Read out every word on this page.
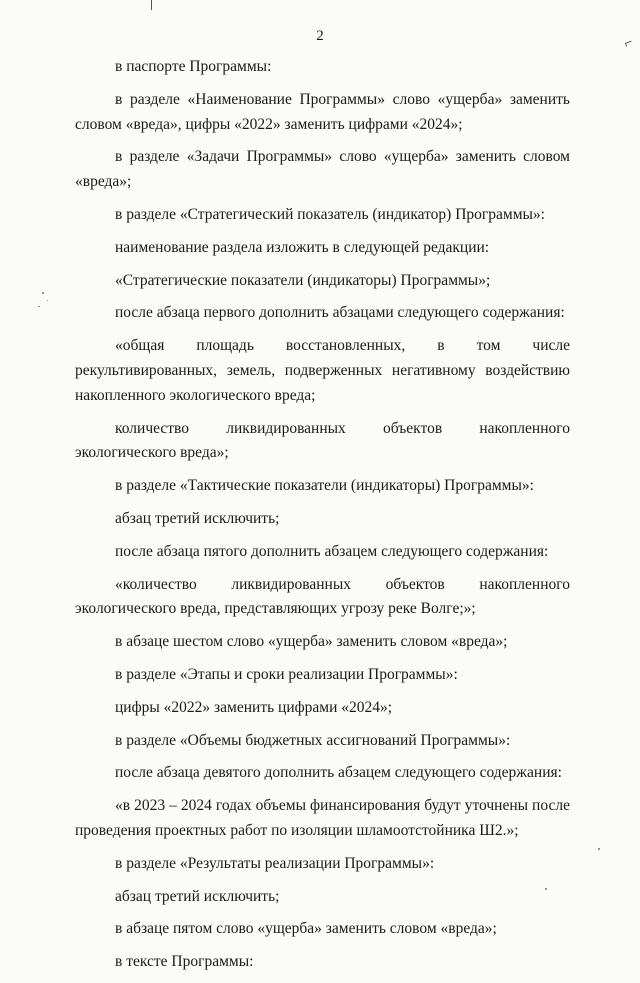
⌐
2

в паспорте Программы:

в разделе «Наименование Программы» слово «ущерба» заменить словом «вреда», цифры «2022» заменить цифрами «2024»;

в разделе «Задачи Программы» слово «ущерба» заменить словом «вреда»;

в разделе «Стратегический показатель (индикатор) Программы»:

наименование раздела изложить в следующей редакции:

«Стратегические показатели (индикаторы) Программы»;

после абзаца первого дополнить абзацами следующего содержания:

«общая площадь восстановленных, в том числе рекультивированных, земель, подверженных негативному воздействию накопленного экологического вреда;

количество ликвидированных объектов накопленного экологического вреда»;

в разделе «Тактические показатели (индикаторы) Программы»:

абзац третий исключить;

после абзаца пятого дополнить абзацем следующего содержания:

«количество ликвидированных объектов накопленного экологического вреда, представляющих угрозу реке Волге;»;

в абзаце шестом слово «ущерба» заменить словом «вреда»;

в разделе «Этапы и сроки реализации Программы»:

цифры «2022» заменить цифрами «2024»;

в разделе «Объемы бюджетных ассигнований Программы»:

после абзаца девятого дополнить абзацем следующего содержания:

«в 2023 – 2024 годах объемы финансирования будут уточнены после проведения проектных работ по изоляции шламоотстойника Ш2.»;

в разделе «Результаты реализации Программы»:

абзац третий исключить;

в абзаце пятом слово «ущерба» заменить словом «вреда»;

в тексте Программы:
